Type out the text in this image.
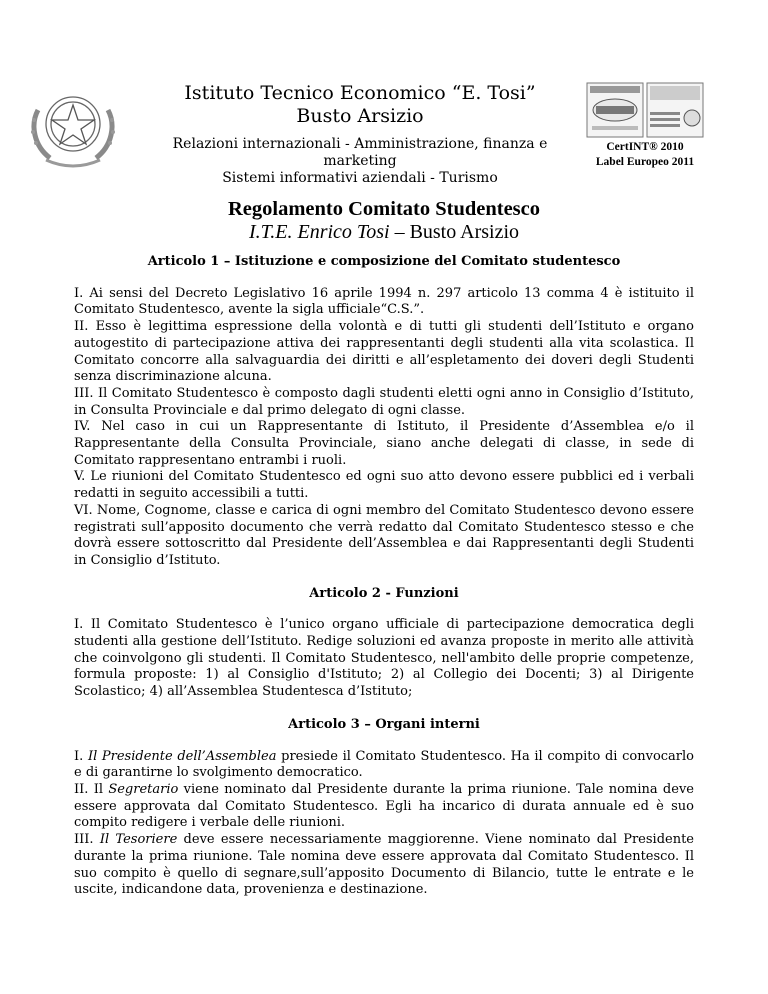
Istituto Tecnico Economico “E. Tosi”

Busto Arsizio

Relazioni internazionali - Amministrazione, finanza e marketing
Sistemi informativi aziendali - Turismo
CertINT® 2010
Label Europeo 2011
Regolamento Comitato Studentesco
I.T.E. Enrico Tosi – Busto Arsizio

Articolo 1 – Istituzione e composizione del Comitato studentesco

I. Ai sensi del Decreto Legislativo 16 aprile 1994 n. 297 articolo 13 comma 4 è istituito il Comitato Studentesco, avente la sigla ufficiale“C.S.”.

II. Esso è legittima espressione della volontà e di tutti gli studenti dell’Istituto e organo autogestito di partecipazione attiva dei rappresentanti degli studenti alla vita scolastica. Il Comitato concorre alla salvaguardia dei diritti e all’espletamento dei doveri degli Studenti senza discriminazione alcuna.

III. Il Comitato Studentesco è composto dagli studenti eletti ogni anno in Consiglio d’Istituto, in Consulta Provinciale e dal primo delegato di ogni classe.

IV. Nel caso in cui un Rappresentante di Istituto, il Presidente d’Assemblea e/o il Rappresentante della Consulta Provinciale, siano anche delegati di classe, in sede di Comitato rappresentano entrambi i ruoli.

V. Le riunioni del Comitato Studentesco ed ogni suo atto devono essere pubblici ed i verbali redatti in seguito accessibili a tutti.

VI. Nome, Cognome, classe e carica di ogni membro del Comitato Studentesco devono essere registrati sull’apposito documento che verrà redatto dal Comitato Studentesco stesso e che dovrà essere sottoscritto dal Presidente dell’Assemblea e dai Rappresentanti degli Studenti in Consiglio d’Istituto.

Articolo 2 - Funzioni

I. Il Comitato Studentesco è l’unico organo ufficiale di partecipazione democratica degli studenti alla gestione dell’Istituto. Redige soluzioni ed avanza proposte in merito alle attività che coinvolgono gli studenti. Il Comitato Studentesco, nell'ambito delle proprie competenze, formula proposte: 1) al Consiglio d'Istituto; 2) al Collegio dei Docenti; 3) al Dirigente Scolastico; 4) all’Assemblea Studentesca d’Istituto;

Articolo 3 – Organi interni

I. Il Presidente dell’Assemblea presiede il Comitato Studentesco. Ha il compito di convocarlo e di garantirne lo svolgimento democratico.

II. Il Segretario viene nominato dal Presidente durante la prima riunione. Tale nomina deve essere approvata dal Comitato Studentesco. Egli ha incarico di durata annuale ed è suo compito redigere i verbale delle riunioni.

III. Il Tesoriere deve essere necessariamente maggiorenne. Viene nominato dal Presidente durante la prima riunione. Tale nomina deve essere approvata dal Comitato Studentesco. Il suo compito è quello di segnare,sull’apposito Documento di Bilancio, tutte le entrate e le uscite, indicandone data, provenienza e destinazione.
